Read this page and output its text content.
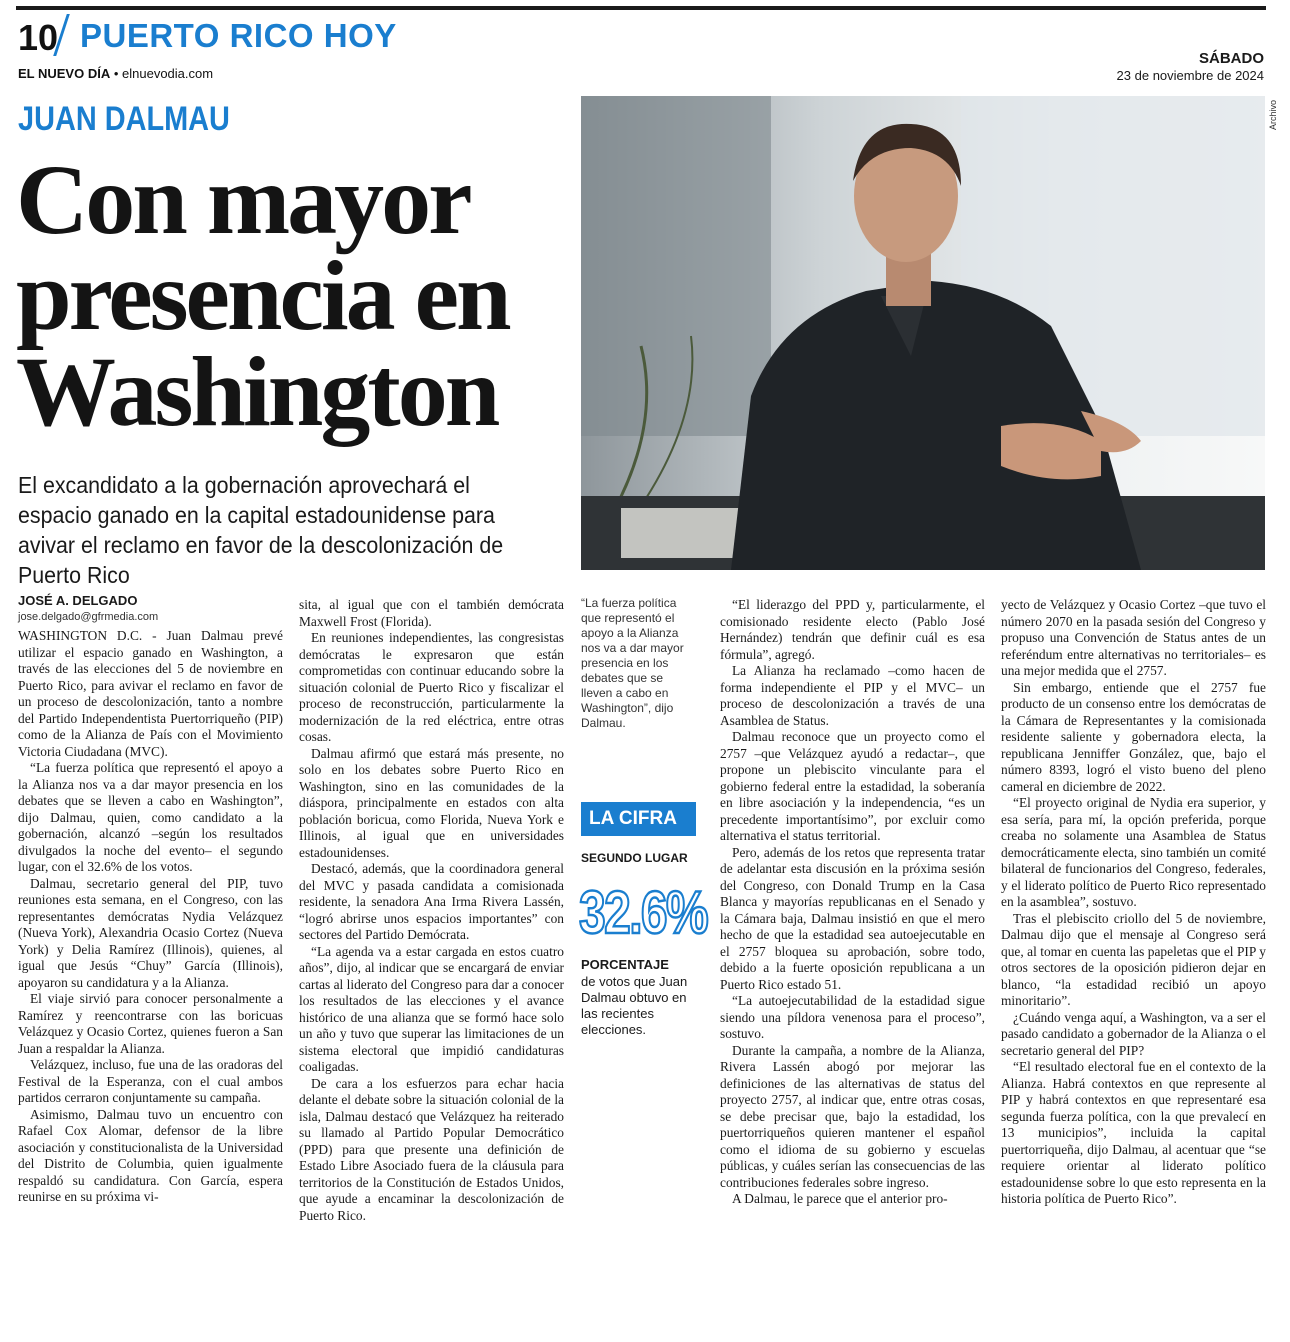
10 PUERTO RICO HOY
EL NUEVO DÍA • elnuevodia.com
SÁBADO
23 de noviembre de 2024
JUAN DALMAU
Con mayor
presencia en
Washington
El excandidato a la gobernación aprovechará el espacio ganado en la capital estadounidense para avivar el reclamo en favor de la descolonización de Puerto Rico
Archivo
JOSÉ A. DELGADO
jose.delgado@gfrmedia.com

WASHINGTON D.C. - Juan Dalmau prevé utilizar el espacio ganado en Washington, a través de las elecciones del 5 de noviembre en Puerto Rico, para avivar el reclamo en favor de un proceso de descolonización, tanto a nombre del Partido Independentista Puertorriqueño (PIP) como de la Alianza de País con el Movimiento Victoria Ciudadana (MVC).

“La fuerza política que representó el apoyo a la Alianza nos va a dar mayor presencia en los debates que se lleven a cabo en Washington”, dijo Dalmau, quien, como candidato a la gobernación, alcanzó –según los resultados divulgados la noche del evento– el segundo lugar, con el 32.6% de los votos.

Dalmau, secretario general del PIP, tuvo reuniones esta semana, en el Congreso, con las representantes demócratas Nydia Velázquez (Nueva York), Alexandria Ocasio Cortez (Nueva York) y Delia Ramírez (Illinois), quienes, al igual que Jesús “Chuy” García (Illinois), apoyaron su candidatura y a la Alianza.

El viaje sirvió para conocer personalmente a Ramírez y reencontrarse con las boricuas Velázquez y Ocasio Cortez, quienes fueron a San Juan a respaldar la Alianza.

Velázquez, incluso, fue una de las oradoras del Festival de la Esperanza, con el cual ambos partidos cerraron conjuntamente su campaña.

Asimismo, Dalmau tuvo un encuentro con Rafael Cox Alomar, defensor de la libre asociación y constitucionalista de la Universidad del Distrito de Columbia, quien igualmente respaldó su candidatura. Con García, espera reunirse en su próxima vi-

sita, al igual que con el también demócrata Maxwell Frost (Florida).

En reuniones independientes, las congresistas demócratas le expresaron que están comprometidas con continuar educando sobre la situación colonial de Puerto Rico y fiscalizar el proceso de reconstrucción, particularmente la modernización de la red eléctrica, entre otras cosas.

Dalmau afirmó que estará más presente, no solo en los debates sobre Puerto Rico en Washington, sino en las comunidades de la diáspora, principalmente en estados con alta población boricua, como Florida, Nueva York e Illinois, al igual que en universidades estadounidenses.

Destacó, además, que la coordinadora general del MVC y pasada candidata a comisionada residente, la senadora Ana Irma Rivera Lassén, “logró abrirse unos espacios importantes” con sectores del Partido Demócrata.

“La agenda va a estar cargada en estos cuatro años”, dijo, al indicar que se encargará de enviar cartas al liderato del Congreso para dar a conocer los resultados de las elecciones y el avance histórico de una alianza que se formó hace solo un año y tuvo que superar las limitaciones de un sistema electoral que impidió candidaturas coaligadas.

De cara a los esfuerzos para echar hacia delante el debate sobre la situación colonial de la isla, Dalmau destacó que Velázquez ha reiterado su llamado al Partido Popular Democrático (PPD) para que presente una definición de Estado Libre Asociado fuera de la cláusula para territorios de la Constitución de Estados Unidos, que ayude a encaminar la descolonización de Puerto Rico.

“La fuerza política que representó el apoyo a la Alianza nos va a dar mayor presencia en los debates que se lleven a cabo en Washington”, dijo Dalmau.
LA CIFRA
SEGUNDO LUGAR
32.6%
PORCENTAJE
de votos que Juan Dalmau obtuvo en las recientes elecciones.

“El liderazgo del PPD y, particularmente, el comisionado residente electo (Pablo José Hernández) tendrán que definir cuál es esa fórmula”, agregó.

La Alianza ha reclamado –como hacen de forma independiente el PIP y el MVC– un proceso de descolonización a través de una Asamblea de Status.

Dalmau reconoce que un proyecto como el 2757 –que Velázquez ayudó a redactar–, que propone un plebiscito vinculante para el gobierno federal entre la estadidad, la soberanía en libre asociación y la independencia, “es un precedente importantísimo”, por excluir como alternativa el status territorial.

Pero, además de los retos que representa tratar de adelantar esta discusión en la próxima sesión del Congreso, con Donald Trump en la Casa Blanca y mayorías republicanas en el Senado y la Cámara baja, Dalmau insistió en que el mero hecho de que la estadidad sea autoejecutable en el 2757 bloquea su aprobación, sobre todo, debido a la fuerte oposición republicana a un Puerto Rico estado 51.

“La autoejecutabilidad de la estadidad sigue siendo una píldora venenosa para el proceso”, sostuvo.

Durante la campaña, a nombre de la Alianza, Rivera Lassén abogó por mejorar las definiciones de las alternativas de status del proyecto 2757, al indicar que, entre otras cosas, se debe precisar que, bajo la estadidad, los puertorriqueños quieren mantener el español como el idioma de su gobierno y escuelas públicas, y cuáles serían las consecuencias de las contribuciones federales sobre ingreso.

A Dalmau, le parece que el anterior pro-

yecto de Velázquez y Ocasio Cortez –que tuvo el número 2070 en la pasada sesión del Congreso y propuso una Convención de Status antes de un referéndum entre alternativas no territoriales– es una mejor medida que el 2757.

Sin embargo, entiende que el 2757 fue producto de un consenso entre los demócratas de la Cámara de Representantes y la comisionada residente saliente y gobernadora electa, la republicana Jenniffer González, que, bajo el número 8393, logró el visto bueno del pleno cameral en diciembre de 2022.

“El proyecto original de Nydia era superior, y esa sería, para mí, la opción preferida, porque creaba no solamente una Asamblea de Status democráticamente electa, sino también un comité bilateral de funcionarios del Congreso, federales, y el liderato político de Puerto Rico representado en la asamblea”, sostuvo.

Tras el plebiscito criollo del 5 de noviembre, Dalmau dijo que el mensaje al Congreso será que, al tomar en cuenta las papeletas que el PIP y otros sectores de la oposición pidieron dejar en blanco, “la estadidad recibió un apoyo minoritario”.

¿Cuándo venga aquí, a Washington, va a ser el pasado candidato a gobernador de la Alianza o el secretario general del PIP?

“El resultado electoral fue en el contexto de la Alianza. Habrá contextos en que represente al PIP y habrá contextos en que representaré esa segunda fuerza política, con la que prevalecí en 13 municipios”, incluida la capital puertorriqueña, dijo Dalmau, al acentuar que “se requiere orientar al liderato político estadounidense sobre lo que esto representa en la historia política de Puerto Rico”.
